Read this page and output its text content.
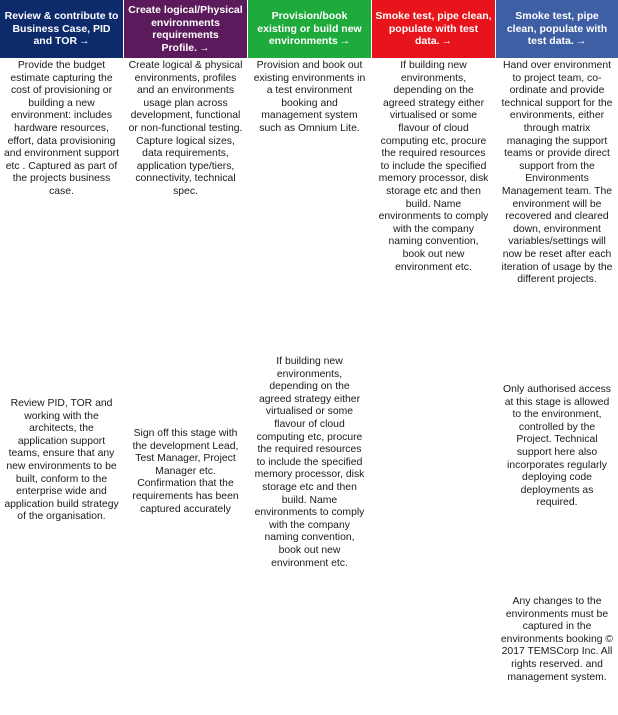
Review & contribute to Business Case, PID and TOR →
Provide the budget estimate capturing the cost of provisioning or building a new environment: includes hardware resources, effort, data provisioning and environment support etc . Captured as part of the projects business case.
Review PID, TOR and working with the architects, the application support teams, ensure that any new environments to be built, conform to the enterprise wide and application build strategy of the organisation.
Create logical/Physical environments requirements Profile. →
Create logical & physical environments, profiles and an environments usage plan across development, functional or non-functional testing. Capture logical sizes, data requirements, application type/tiers, connectivity, technical spec.
Sign off this stage with the development Lead, Test Manager, Project Manager etc. Confirmation that the requirements has been captured accurately
Provision/book existing or build new environments →
Provision and book out existing environments in a test environment booking and management system such as Omnium Lite.
If building new environments, depending on the agreed strategy either virtualised or some flavour of cloud computing etc, procure the required resources to include the specified memory processor, disk storage etc and then build. Name environments to comply with the company naming convention, book out new environment etc.
Smoke test, pipe clean, populate with test data. →
If building new environments, depending on the agreed strategy either virtualised or some flavour of cloud computing etc, procure the required resources to include the specified memory processor, disk storage etc and then build. Name environments to comply with the company naming convention, book out new environment etc.
Smoke test, pipe clean, populate with test data. →
Hand over environment to project team, co-ordinate and provide technical support for the environments, either through matrix managing the support teams or provide direct support from the Environments Management team. The environment will be recovered and cleared down, environment variables/settings will now be reset after each iteration of usage by the different projects.
Only authorised access at this stage is allowed to the environment, controlled by the Project. Technical support here also incorporates regularly deploying code deployments as required.
Any changes to the environments must be captured in the environments booking © 2017 TEMSCorp Inc. All rights reserved. and management system.
